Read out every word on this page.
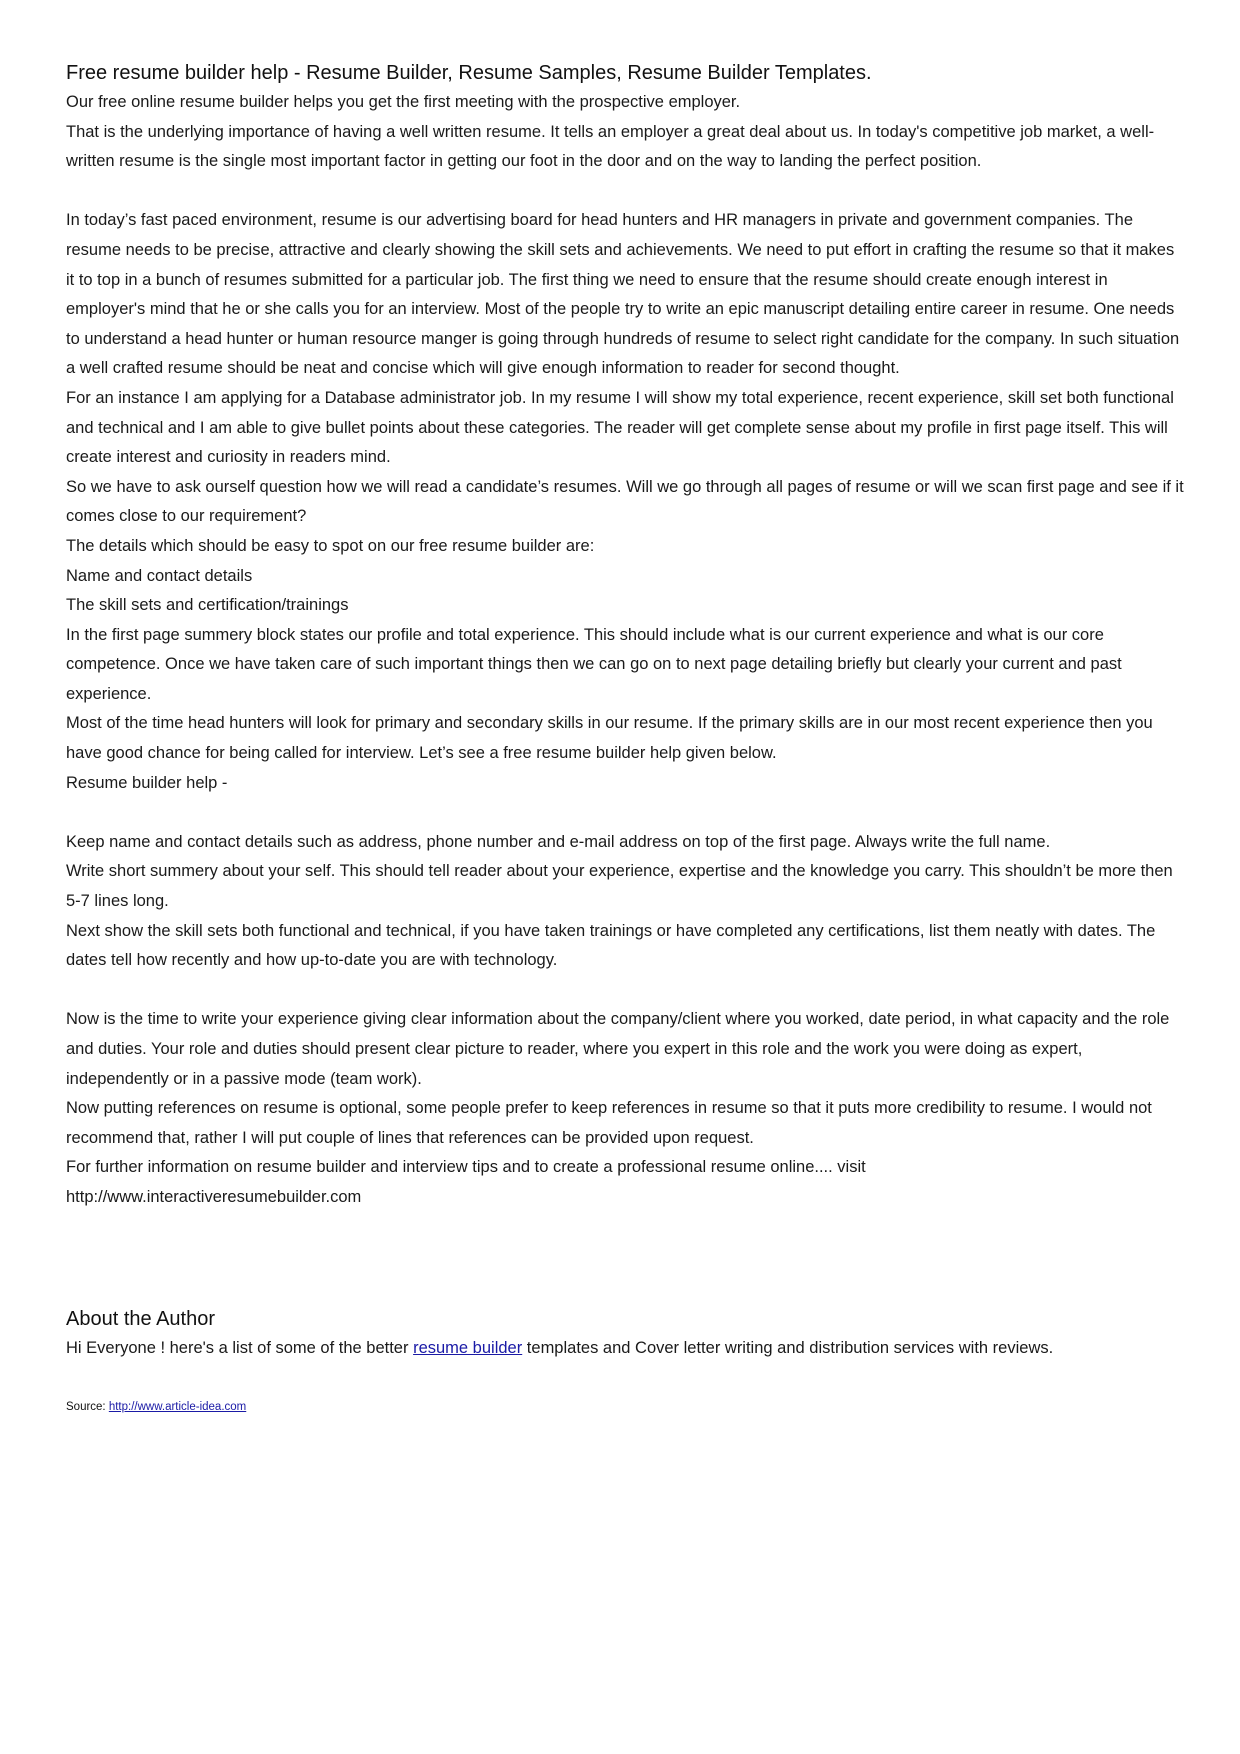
Free resume builder help - Resume Builder, Resume Samples, Resume Builder Templates.

Our free online resume builder helps you get the first meeting with the prospective employer.

That is the underlying importance of having a well written resume. It tells an employer a great deal about us. In today's competitive job market, a well-written resume is the single most important factor in getting our foot in the door and on the way to landing the perfect position.

In today’s fast paced environment, resume is our advertising board for head hunters and HR managers in private and government companies. The resume needs to be precise, attractive and clearly showing the skill sets and achievements. We need to put effort in crafting the resume so that it makes it to top in a bunch of resumes submitted for a particular job. The first thing we need to ensure that the resume should create enough interest in employer's mind that he or she calls you for an interview. Most of the people try to write an epic manuscript detailing entire career in resume. One needs to understand a head hunter or human resource manger is going through hundreds of resume to select right candidate for the company. In such situation a well crafted resume should be neat and concise which will give enough information to reader for second thought.

For an instance I am applying for a Database administrator job. In my resume I will show my total experience, recent experience, skill set both functional and technical and I am able to give bullet points about these categories. The reader will get complete sense about my profile in first page itself. This will create interest and curiosity in readers mind.

So we have to ask ourself question how we will read a candidate’s resumes. Will we go through all pages of resume or will we scan first page and see if it comes close to our requirement?

The details which should be easy to spot on our free resume builder are:

Name and contact details

The skill sets and certification/trainings

In the first page summery block states our profile and total experience. This should include what is our current experience and what is our core competence. Once we have taken care of such important things then we can go on to next page detailing briefly but clearly your current and past experience.

Most of the time head hunters will look for primary and secondary skills in our resume. If the primary skills are in our most recent experience then you have good chance for being called for interview. Let’s see a free resume builder help given below.

Resume builder help -

Keep name and contact details such as address, phone number and e-mail address on top of the first page. Always write the full name.

Write short summery about your self. This should tell reader about your experience, expertise and the knowledge you carry. This shouldn’t be more then 5-7 lines long.

Next show the skill sets both functional and technical, if you have taken trainings or have completed any certifications, list them neatly with dates. The dates tell how recently and how up-to-date you are with technology.

Now is the time to write your experience giving clear information about the company/client where you worked, date period, in what capacity and the role and duties. Your role and duties should present clear picture to reader, where you expert in this role and the work you were doing as expert, independently or in a passive mode (team work).

Now putting references on resume is optional, some people prefer to keep references in resume so that it puts more credibility to resume. I would not recommend that, rather I will put couple of lines that references can be provided upon request.

For further information on resume builder and interview tips and to create a professional resume online.... visit

http://www.interactiveresumebuilder.com

About the Author

Hi Everyone ! here's a list of some of the better resume builder templates and Cover letter writing and distribution services with reviews.

Source: http://www.article-idea.com
